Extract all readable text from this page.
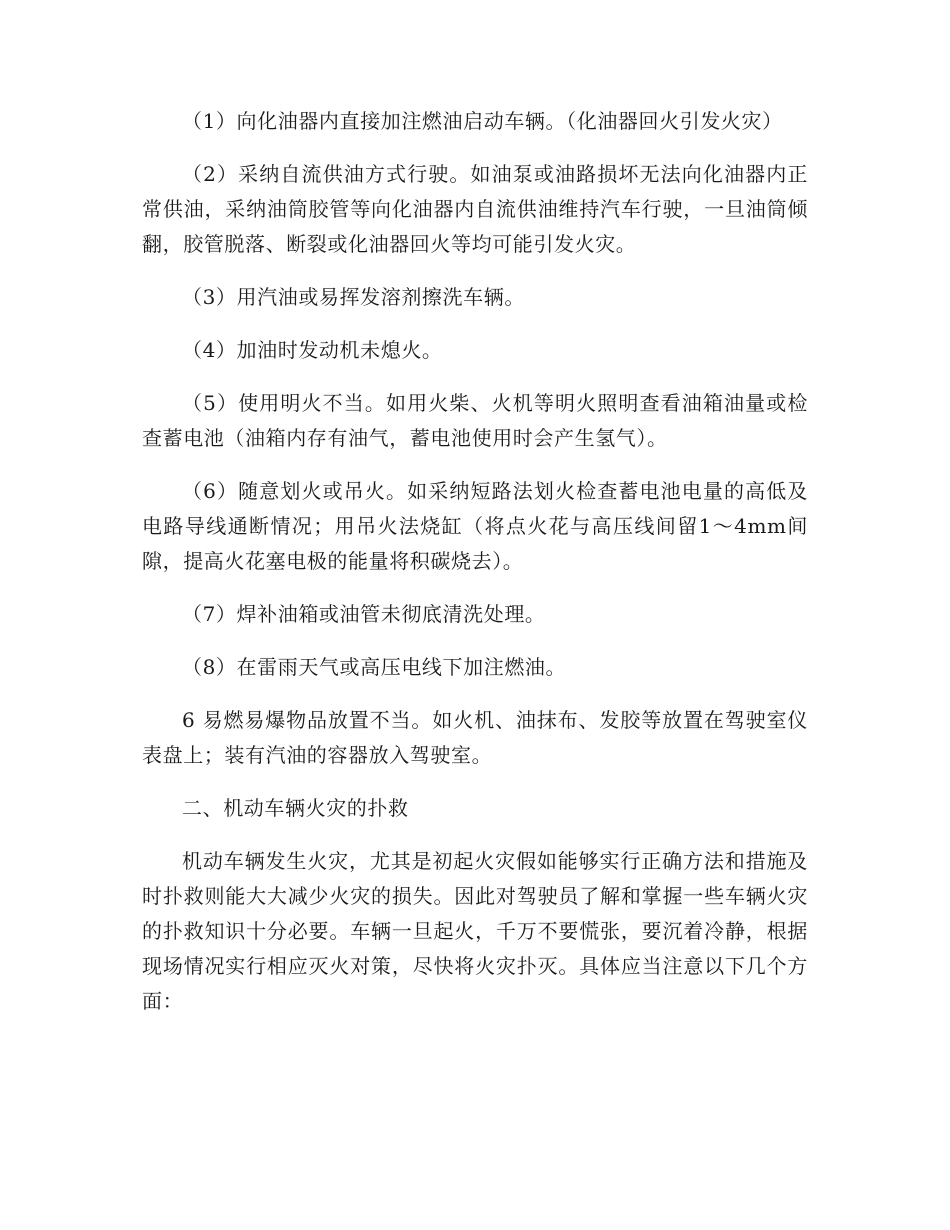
（1）向化油器内直接加注燃油启动车辆。（化油器回火引发火灾）

（2）采纳自流供油方式行驶。如油泵或油路损坏无法向化油器内正常供油，采纳油筒胶管等向化油器内自流供油维持汽车行驶，一旦油筒倾翻，胶管脱落、断裂或化油器回火等均可能引发火灾。

（3）用汽油或易挥发溶剂擦洗车辆。

（4）加油时发动机未熄火。

（5）使用明火不当。如用火柴、火机等明火照明查看油箱油量或检查蓄电池（油箱内存有油气，蓄电池使用时会产生氢气）。

（6）随意划火或吊火。如采纳短路法划火检查蓄电池电量的高低及电路导线通断情况；用吊火法烧缸（将点火花与高压线间留1～4mm间隙，提高火花塞电极的能量将积碳烧去）。

（7）焊补油箱或油管未彻底清洗处理。

（8）在雷雨天气或高压电线下加注燃油。

6 易燃易爆物品放置不当。如火机、油抹布、发胶等放置在驾驶室仪表盘上；装有汽油的容器放入驾驶室。

二、机动车辆火灾的扑救

机动车辆发生火灾，尤其是初起火灾假如能够实行正确方法和措施及时扑救则能大大减少火灾的损失。因此对驾驶员了解和掌握一些车辆火灾的扑救知识十分必要。车辆一旦起火，千万不要慌张，要沉着冷静，根据现场情况实行相应灭火对策，尽快将火灾扑灭。具体应当注意以下几个方面：
